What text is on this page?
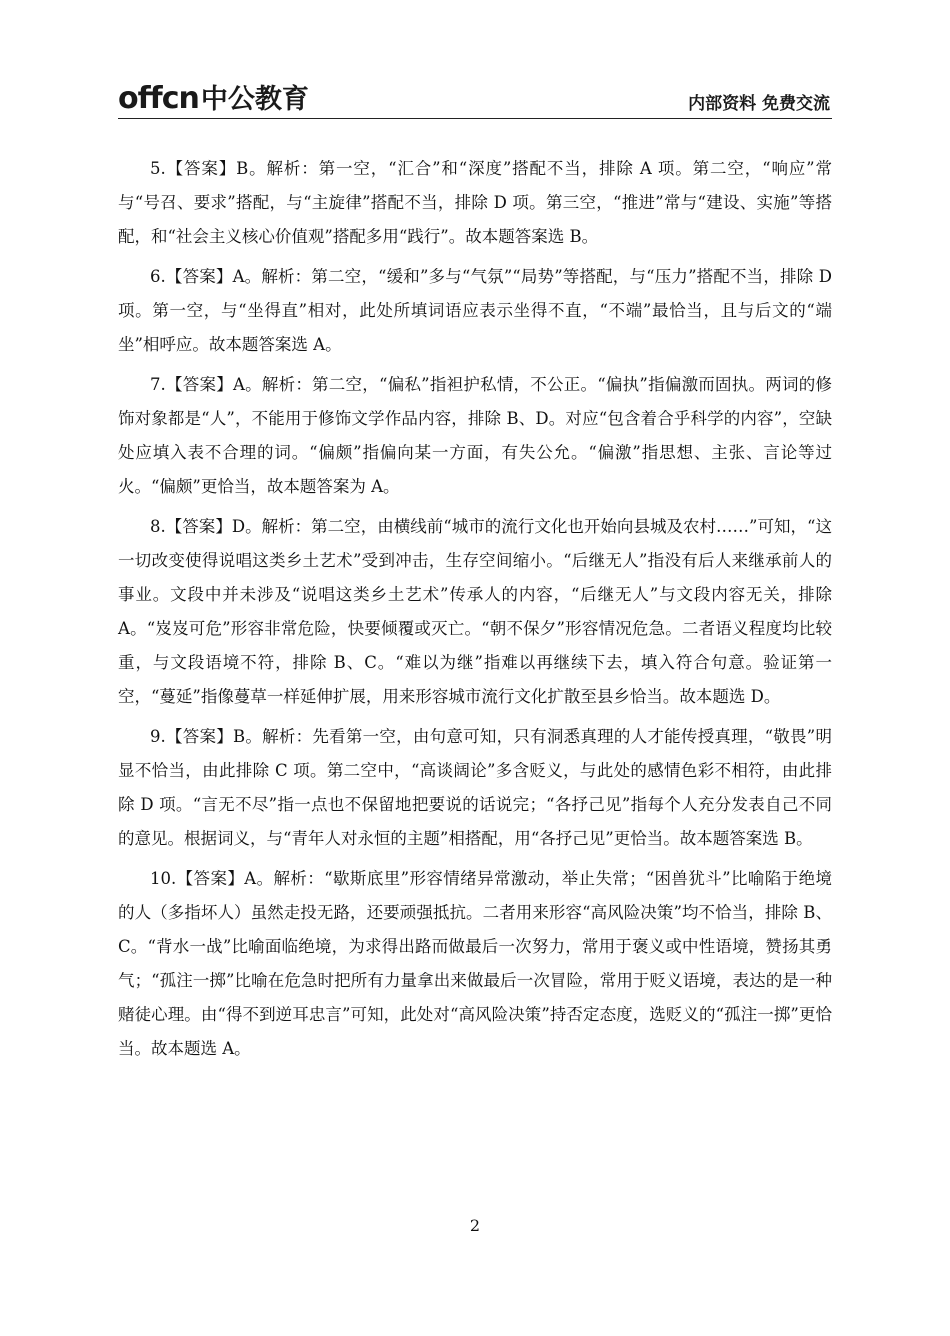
offcn 中公教育	内部资料 免费交流

5.【答案】B。解析：第一空，“汇合”和“深度”搭配不当，排除 A 项。第二空，“响应”常与“号召、要求”搭配，与“主旋律”搭配不当，排除 D 项。第三空，“推进”常与“建设、实施”等搭配，和“社会主义核心价值观”搭配多用“践行”。故本题答案选 B。

6.【答案】A。解析：第二空，“缓和”多与“气氛”“局势”等搭配，与“压力”搭配不当，排除 D 项。第一空，与“坐得直”相对，此处所填词语应表示坐得不直，“不端”最恰当，且与后文的“端坐”相呼应。故本题答案选 A。

7.【答案】A。解析：第二空，“偏私”指袒护私情，不公正。“偏执”指偏激而固执。两词的修饰对象都是“人”，不能用于修饰文学作品内容，排除 B、D。对应“包含着合乎科学的内容”，空缺处应填入表不合理的词。“偏颇”指偏向某一方面，有失公允。“偏激”指思想、主张、言论等过火。“偏颇”更恰当，故本题答案为 A。

8.【答案】D。解析：第二空，由横线前“城市的流行文化也开始向县城及农村……”可知，“这一切改变使得说唱这类乡土艺术”受到冲击，生存空间缩小。“后继无人”指没有后人来继承前人的事业。文段中并未涉及“说唱这类乡土艺术”传承人的内容，“后继无人”与文段内容无关，排除 A。“岌岌可危”形容非常危险，快要倾覆或灭亡。“朝不保夕”形容情况危急。二者语义程度均比较重，与文段语境不符，排除 B、C。“难以为继”指难以再继续下去，填入符合句意。验证第一空，“蔓延”指像蔓草一样延伸扩展，用来形容城市流行文化扩散至县乡恰当。故本题选 D。

9.【答案】B。解析：先看第一空，由句意可知，只有洞悉真理的人才能传授真理，“敬畏”明显不恰当，由此排除 C 项。第二空中，“高谈阔论”多含贬义，与此处的感情色彩不相符，由此排除 D 项。“言无不尽”指一点也不保留地把要说的话说完；“各抒己见”指每个人充分发表自己不同的意见。根据词义，与“青年人对永恒的主题”相搭配，用“各抒己见”更恰当。故本题答案选 B。

10.【答案】A。解析：“歇斯底里”形容情绪异常激动，举止失常；“困兽犹斗”比喻陷于绝境的人（多指坏人）虽然走投无路，还要顽强抵抗。二者用来形容“高风险决策”均不恰当，排除 B、C。“背水一战”比喻面临绝境，为求得出路而做最后一次努力，常用于褒义或中性语境，赞扬其勇气；“孤注一掷”比喻在危急时把所有力量拿出来做最后一次冒险，常用于贬义语境，表达的是一种赌徒心理。由“得不到逆耳忠言”可知，此处对“高风险决策”持否定态度，选贬义的“孤注一掷”更恰当。故本题选 A。

2
